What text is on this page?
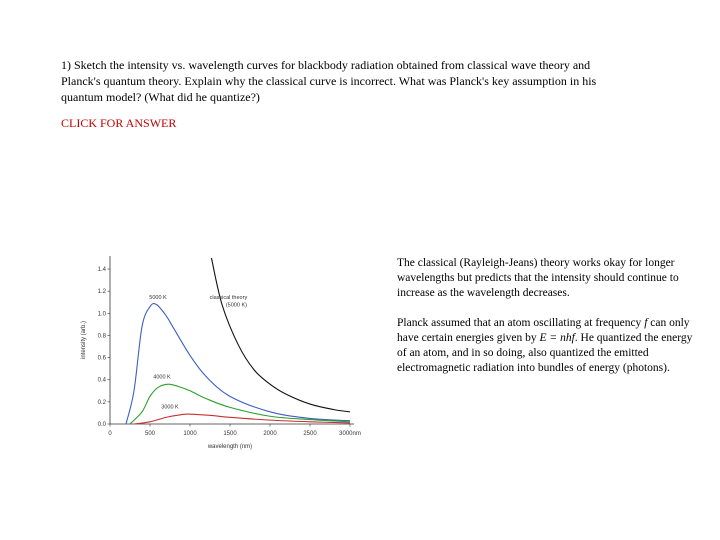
1) Sketch the intensity vs. wavelength curves for blackbody radiation obtained from classical wave theory and Planck's quantum theory. Explain why the classical curve is incorrect. What was Planck's key assumption in his quantum model? (What did he quantize?)
CLICK FOR ANSWER
0	500	1000	1500	2000	2500	3000nm
0.0
0.2
0.4
0.6
0.8
1.0
1.2
1.4
5000 K	classical theory
(5000 K)
4000 K
3000 K
wavelength (nm)
intensity (arb.)

The classical (Rayleigh-Jeans) theory works okay for longer wavelengths but predicts that the intensity should continue to increase as the wavelength decreases.

Planck assumed that an atom oscillating at frequency f can only have certain energies given by E = nhf. He quantized the energy of an atom, and in so doing, also quantized the emitted electromagnetic radiation into bundles of energy (photons).
